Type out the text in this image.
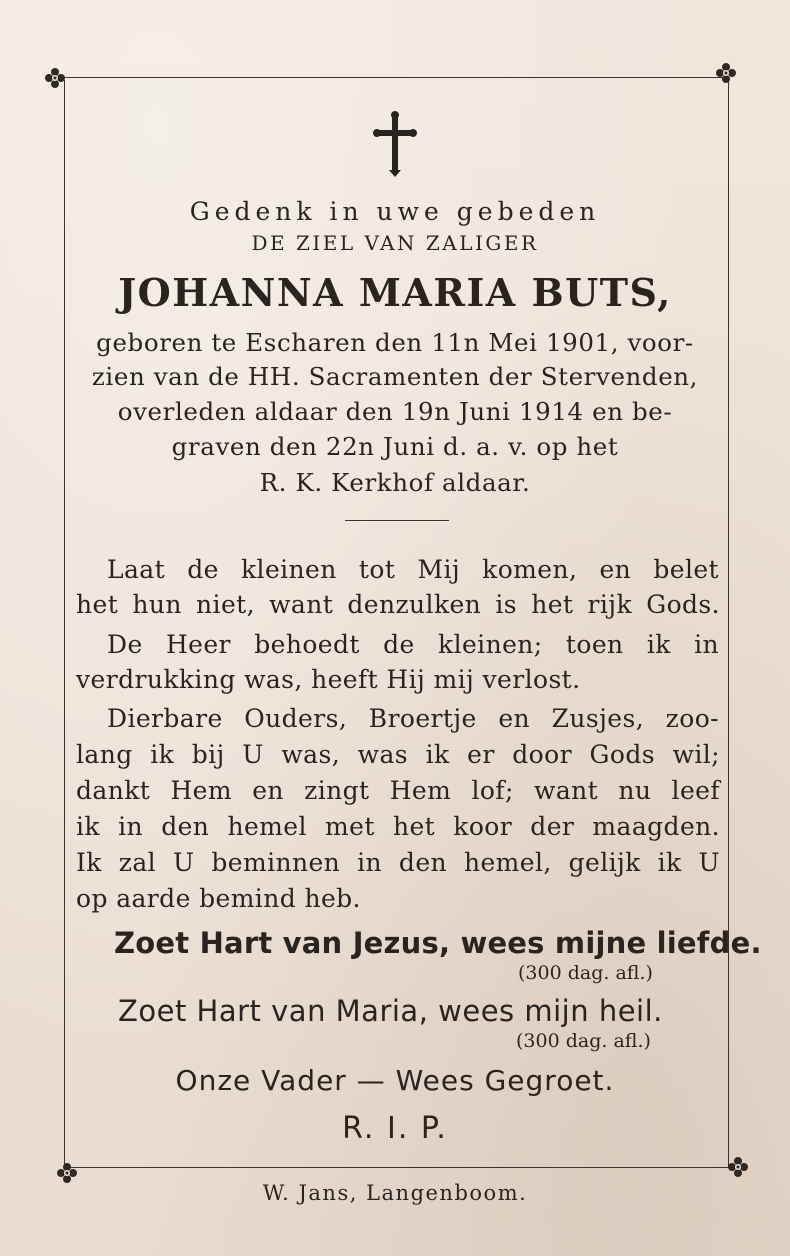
Gedenk in uwe gebeden
DE ZIEL VAN ZALIGER
JOHANNA MARIA BUTS,
geboren te Escharen den 11n Mei 1901, voor-
zien van de HH. Sacramenten der Stervenden,
overleden aldaar den 19n Juni 1914 en be-
graven den 22n Juni d. a. v. op het
R. K. Kerkhof aldaar.
Laat de kleinen tot Mij komen, en belet
het hun niet, want denzulken is het rijk Gods.
De Heer behoedt de kleinen; toen ik in
verdrukking was, heeft Hij mij verlost.
Dierbare Ouders, Broertje en Zusjes, zoo-
lang ik bij U was, was ik er door Gods wil;
dankt Hem en zingt Hem lof; want nu leef
ik in den hemel met het koor der maagden.
Ik zal U beminnen in den hemel, gelijk ik U
op aarde bemind heb.
Zoet Hart van Jezus, wees mijne liefde.
(300 dag. afl.)
Zoet Hart van Maria, wees mijn heil.
(300 dag. afl.)
Onze Vader — Wees Gegroet.
R. I. P.
W. Jans, Langenboom.
